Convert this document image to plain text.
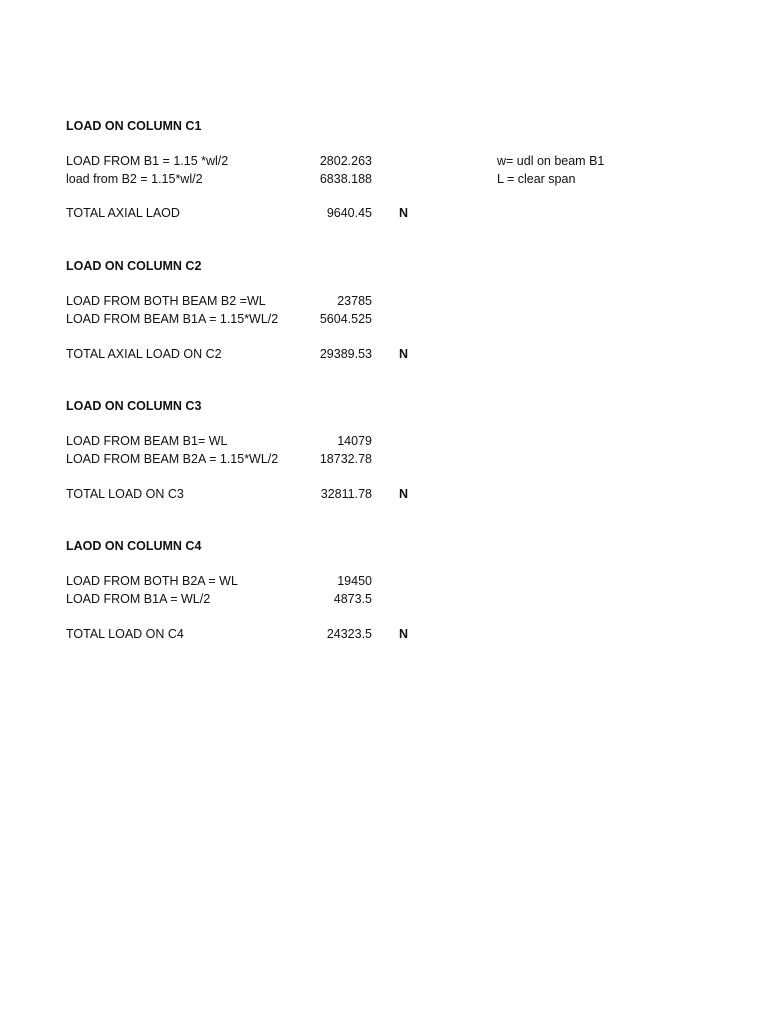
LOAD ON COLUMN C1
LOAD FROM B1 = 1.15 *wl/2	2802.263	w= udl on beam B1
load from B2 = 1.15*wl/2	6838.188	L = clear span
TOTAL AXIAL LAOD	9640.45 N
LOAD ON COLUMN C2
LOAD FROM BOTH BEAM B2 =WL	23785
LOAD FROM BEAM B1A = 1.15*WL/2	5604.525
TOTAL AXIAL LOAD ON C2	29389.53 N
LOAD ON COLUMN C3
LOAD FROM BEAM B1= WL	14079
LOAD FROM BEAM B2A = 1.15*WL/2	18732.78
TOTAL LOAD ON C3	32811.78 N
LAOD ON COLUMN C4
LOAD FROM BOTH B2A = WL	19450
LOAD FROM B1A = WL/2	4873.5
TOTAL LOAD ON C4	24323.5 N
